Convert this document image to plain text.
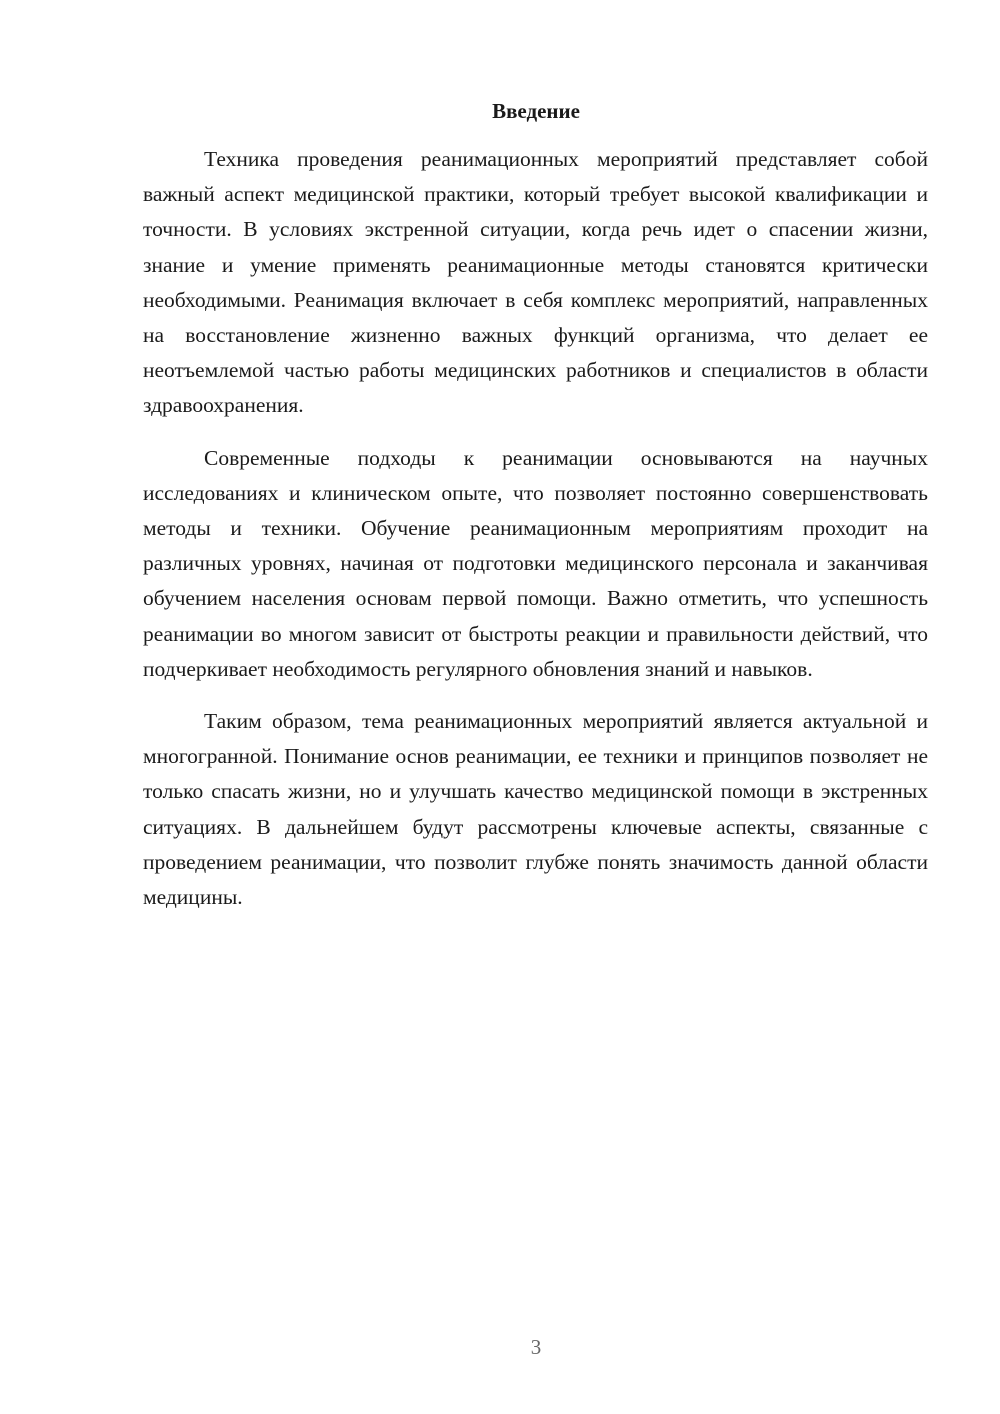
Введение

Техника проведения реанимационных мероприятий представляет собой важный аспект медицинской практики, который требует высокой квалификации и точности. В условиях экстренной ситуации, когда речь идет о спасении жизни, знание и умение применять реанимационные методы становятся критически необходимыми. Реанимация включает в себя комплекс мероприятий, направленных на восстановление жизненно важных функций организма, что делает ее неотъемлемой частью работы медицинских работников и специалистов в области здравоохранения.

Современные подходы к реанимации основываются на научных исследованиях и клиническом опыте, что позволяет постоянно совершенствовать методы и техники. Обучение реанимационным мероприятиям проходит на различных уровнях, начиная от подготовки медицинского персонала и заканчивая обучением населения основам первой помощи. Важно отметить, что успешность реанимации во многом зависит от быстроты реакции и правильности действий, что подчеркивает необходимость регулярного обновления знаний и навыков.

Таким образом, тема реанимационных мероприятий является актуальной и многогранной. Понимание основ реанимации, ее техники и принципов позволяет не только спасать жизни, но и улучшать качество медицинской помощи в экстренных ситуациях. В дальнейшем будут рассмотрены ключевые аспекты, связанные с проведением реанимации, что позволит глубже понять значимость данной области медицины.

3
